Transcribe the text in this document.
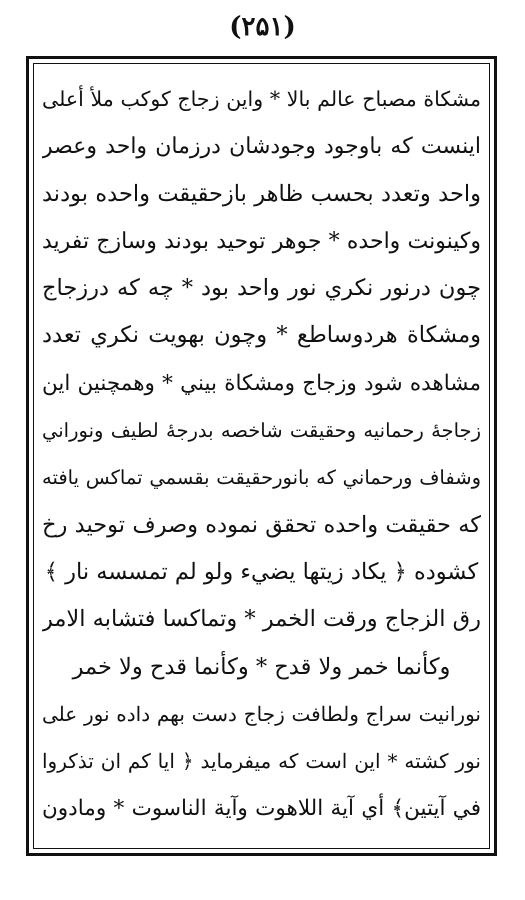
(۲۵۱)
مشكاة مصباح عالم بالا * واين زجاج كوكب ملأ أعلى
اينست كه باوجود وجودشان درزمان واحد وعصر
واحد وتعدد بحسب ظاهر بازحقيقت واحده بودند
وكينونت واحده * جوهر توحيد بودند وسازج تفريد
چون درنور نكري نور واحد بود * چه كه درزجاج
ومشكاة هردوساطع * وچون بهويت نكري تعدد
مشاهده شود وزجاج ومشكاة بيني * وهمچنين اين
زجاجۀ رحمانيه وحقيقت شاخصه بدرجۀ لطيف ونوراني
وشفاف ورحماني كه بانورحقيقت بقسمي تماكس يافته
كه حقيقت واحده تحقق نموده وصرف توحيد رخ
كشوده ﴿ يكاد زيتها يضيء ولو لم تمسسه نار ﴾
رق الزجاج ورقت الخمر * وتماكسا فتشابه الامر
وكأنما خمر ولا قدح * وكأنما قدح ولا خمر
نورانيت سراج ولطافت زجاج دست بهم داده نور على
نور كشته * اين است كه ميفرمايد ﴿ ايا كم ان تذكروا
في آيتين﴾ أي آية اللاهوت وآية الناسوت * ومادون
